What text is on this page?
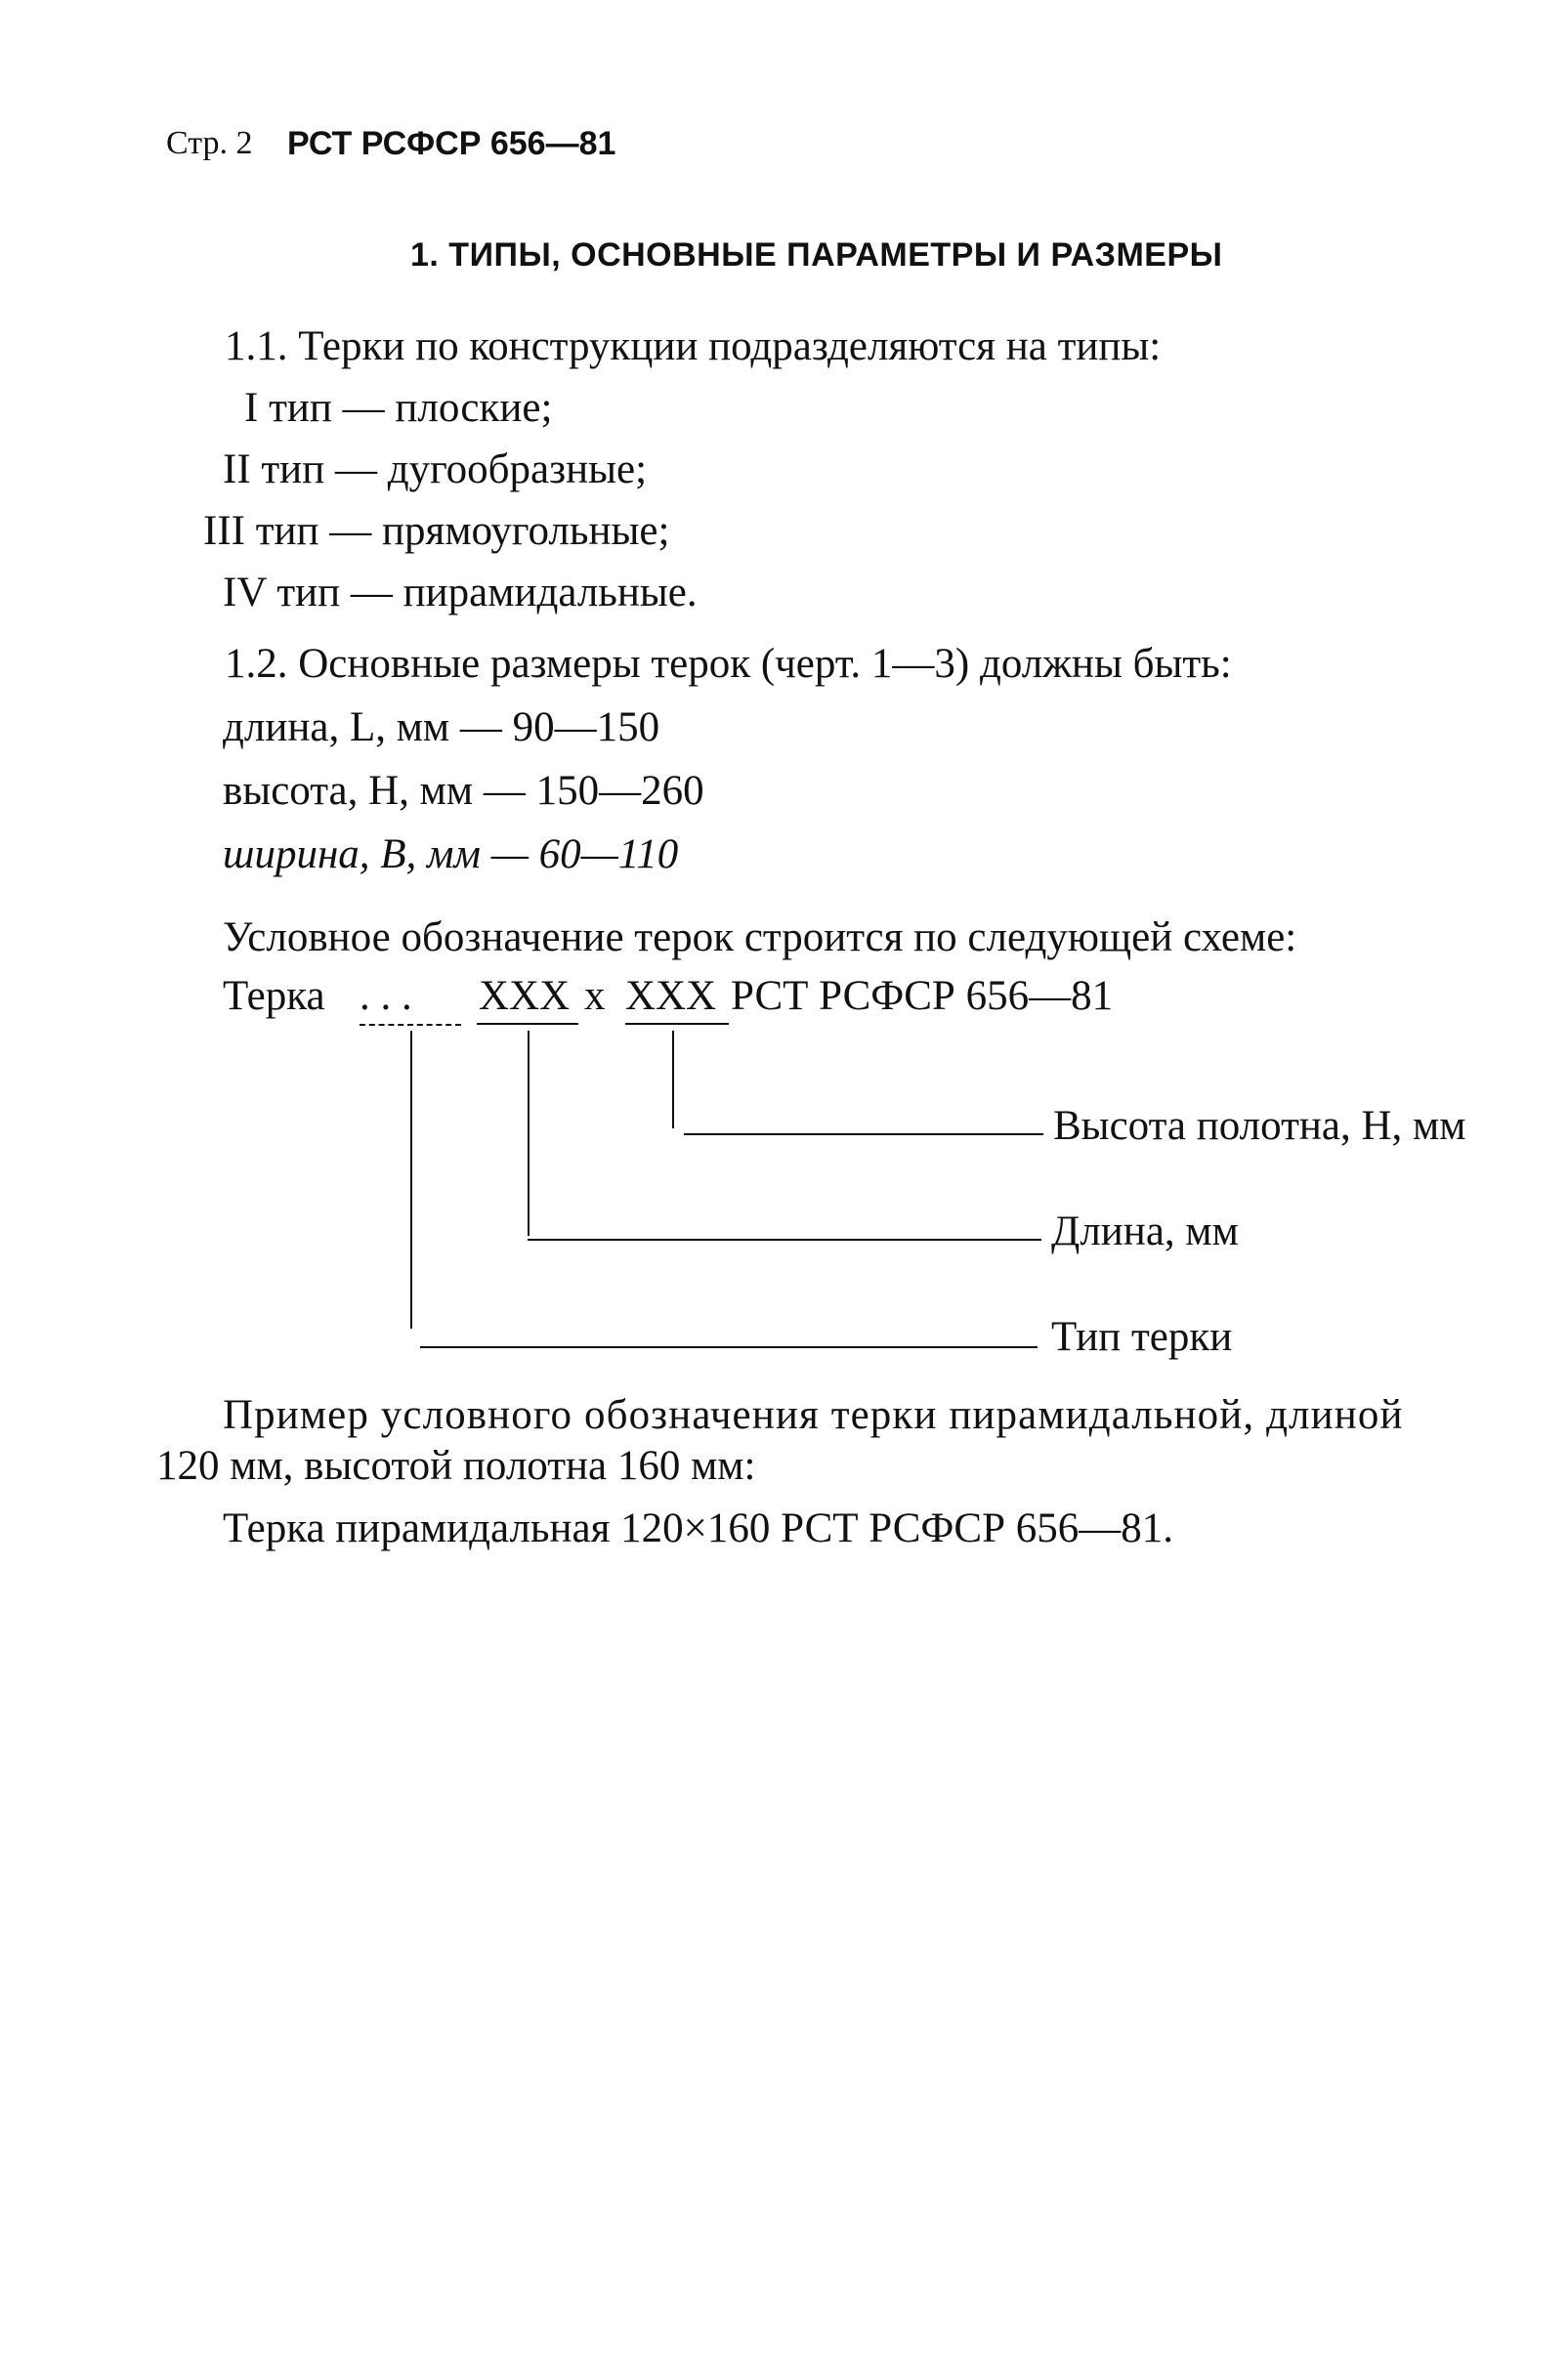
Стр. 2 РСТ РСФСР 656—81
1. ТИПЫ, ОСНОВНЫЕ ПАРАМЕТРЫ И РАЗМЕРЫ
1.1. Терки по конструкции подразделяются на типы:
I тип — плоские;
II тип — дугообразные;
III тип — прямоугольные;
IV тип — пирамидальные.
1.2. Основные размеры терок (черт. 1—3) должны быть:
длина, L, мм — 90—150
высота, H, мм — 150—260
ширина, B, мм — 60—110
Условное обозначение терок строится по следующей схеме:
Терка . . . XXX x XXX РСТ РСФСР 656—81
Высота полотна, H, мм
Длина, мм
Тип терки
Пример условного обозначения терки пирамидальной, длиной
120 мм, высотой полотна 160 мм:
Терка пирамидальная 120×160 РСТ РСФСР 656—81.
